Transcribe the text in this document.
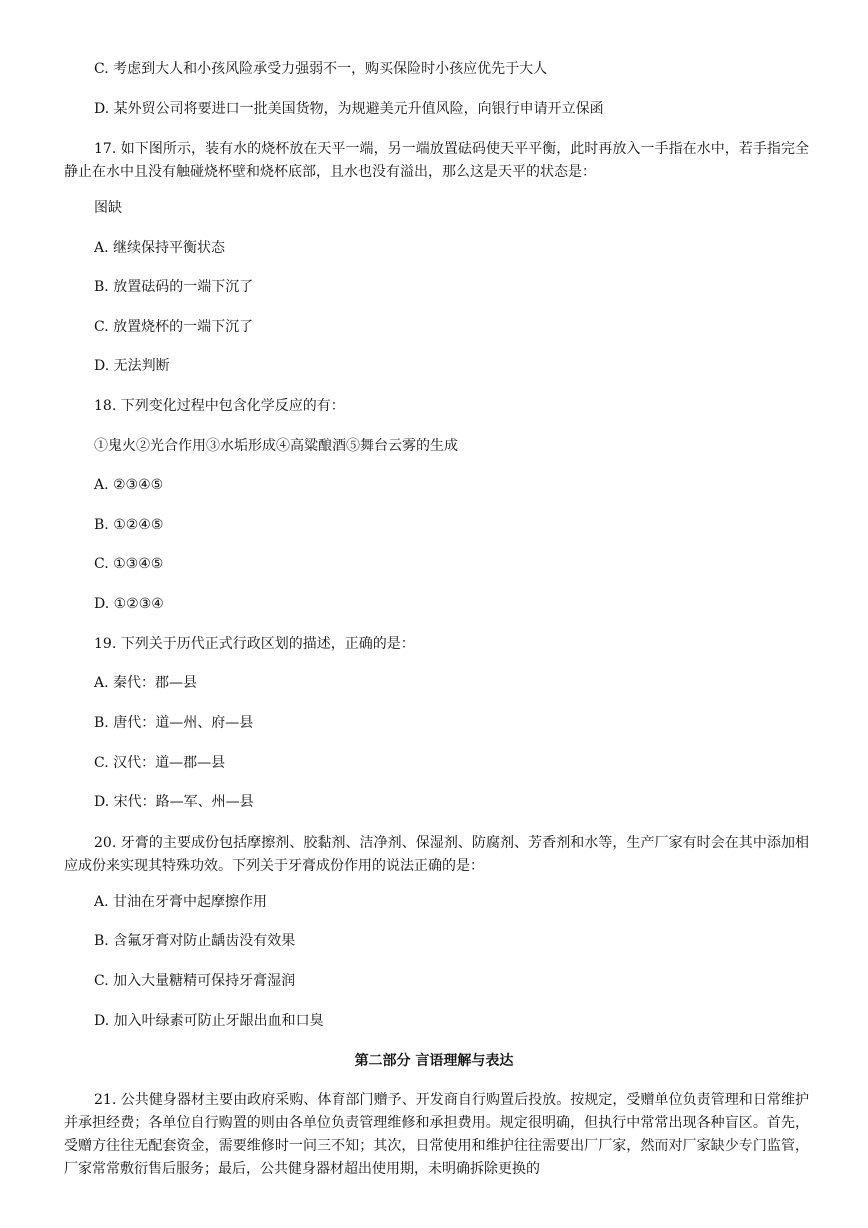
C. 考虑到大人和小孩风险承受力强弱不一，购买保险时小孩应优先于大人
D. 某外贸公司将要进口一批美国货物，为规避美元升值风险，向银行申请开立保函
17. 如下图所示，装有水的烧杯放在天平一端，另一端放置砝码使天平平衡，此时再放入一手指在水中，若手指完全静止在水中且没有触碰烧杯壁和烧杯底部，且水也没有溢出，那么这是天平的状态是：
图缺
A. 继续保持平衡状态
B. 放置砝码的一端下沉了
C. 放置烧杯的一端下沉了
D. 无法判断
18. 下列变化过程中包含化学反应的有：
①鬼火②光合作用③水垢形成④高粱酿酒⑤舞台云雾的生成
A. ②③④⑤
B. ①②④⑤
C. ①③④⑤
D. ①②③④
19. 下列关于历代正式行政区划的描述，正确的是：
A. 秦代：郡—县
B. 唐代：道—州、府—县
C. 汉代：道—郡—县
D. 宋代：路—军、州—县
20. 牙膏的主要成份包括摩擦剂、胶黏剂、洁净剂、保湿剂、防腐剂、芳香剂和水等，生产厂家有时会在其中添加相应成份来实现其特殊功效。下列关于牙膏成份作用的说法正确的是：
A. 甘油在牙膏中起摩擦作用
B. 含氟牙膏对防止龋齿没有效果
C. 加入大量糖精可保持牙膏湿润
D. 加入叶绿素可防止牙龈出血和口臭
第二部分 言语理解与表达
21. 公共健身器材主要由政府采购、体育部门赠予、开发商自行购置后投放。按规定，受赠单位负责管理和日常维护并承担经费；各单位自行购置的则由各单位负责管理维修和承担费用。规定很明确，但执行中常常出现各种盲区。首先，受赠方往往无配套资金，需要维修时一问三不知；其次，日常使用和维护往往需要出厂厂家，然而对厂家缺少专门监管，厂家常常敷衍售后服务；最后，公共健身器材超出使用期，未明确拆除更换的
